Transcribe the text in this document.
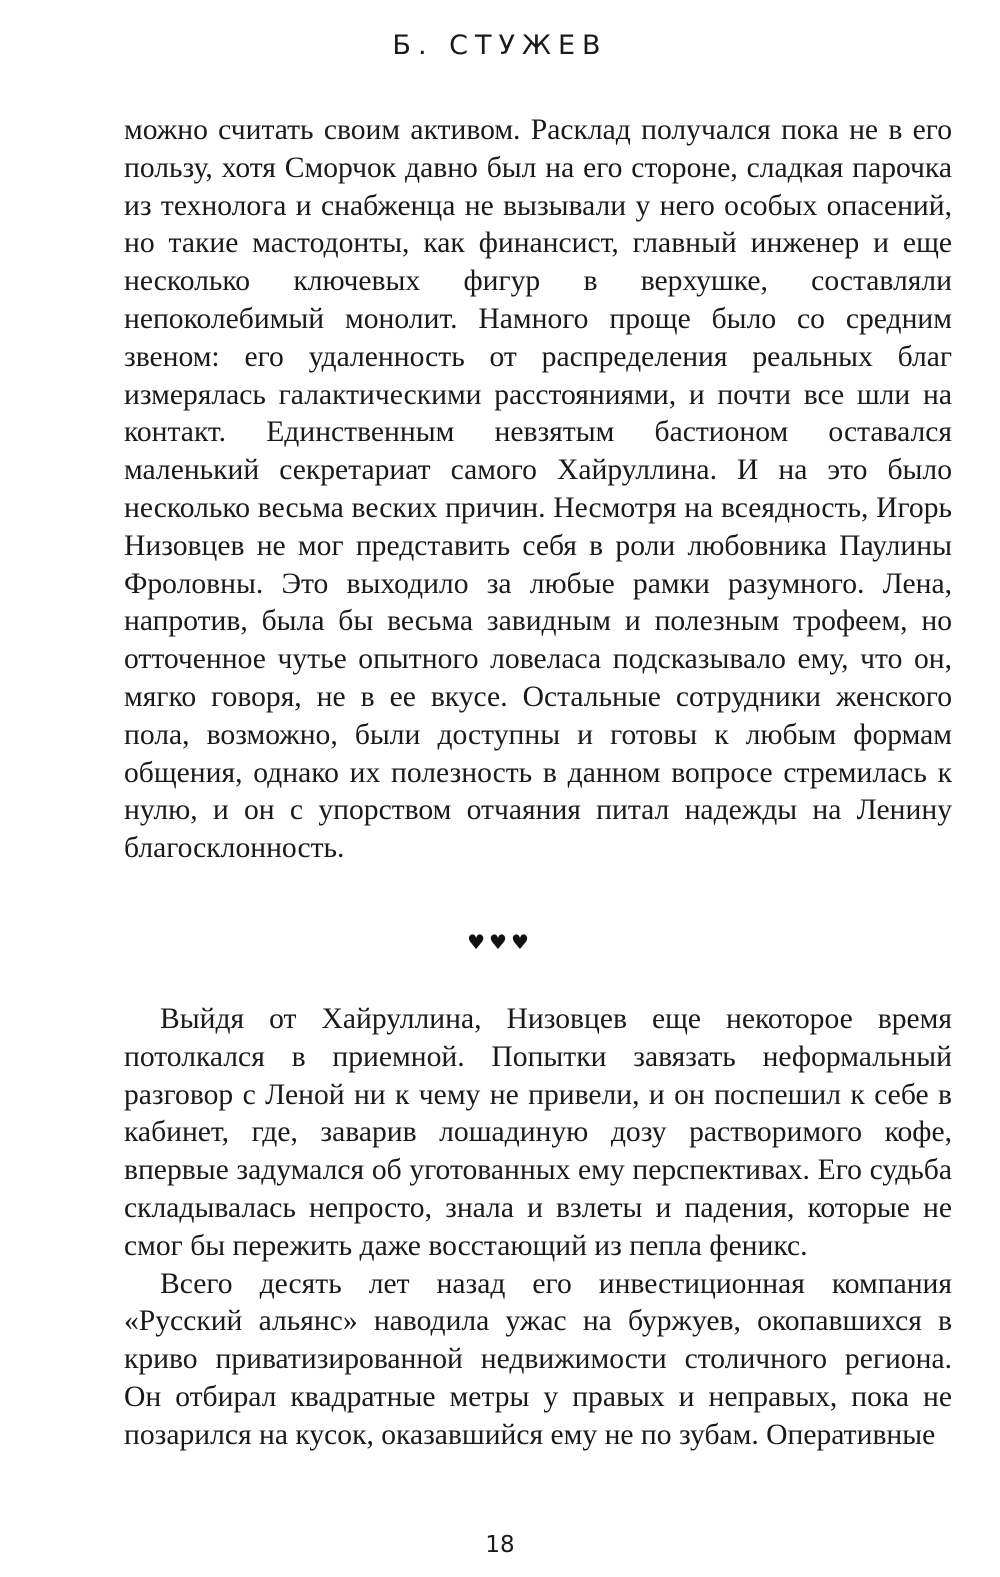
Б. СТУЖЕВ

можно считать своим активом. Расклад получался пока не в его пользу, хотя Сморчок давно был на его стороне, сладкая парочка из технолога и снабженца не вызывали у него особых опасений, но такие мастодонты, как финансист, главный инженер и еще несколько ключевых фигур в верхушке, составляли непоколебимый монолит. Намного проще было со средним звеном: его удаленность от распределения реальных благ измерялась галактическими расстояниями, и почти все шли на контакт. Единственным невзятым бастионом оставался маленький секретариат самого Хайруллина. И на это было несколько весьма веских причин. Несмотря на всеядность, Игорь Низовцев не мог представить себя в роли любовника Паулины Фроловны. Это выходило за любые рамки разумного. Лена, напротив, была бы весьма завидным и полезным трофеем, но отточенное чутье опытного ловеласа подсказывало ему, что он, мягко говоря, не в ее вкусе. Остальные сотрудники женского пола, возможно, были доступны и готовы к любым формам общения, однако их полезность в данном вопросе стремилась к нулю, и он с упорством отчаяния питал надежды на Ленину благосклонность.

♥♥♥

Выйдя от Хайруллина, Низовцев еще некоторое время потолкался в приемной. Попытки завязать неформальный разговор с Леной ни к чему не привели, и он поспешил к себе в кабинет, где, заварив лошадиную дозу растворимого кофе, впервые задумался об уготованных ему перспективах. Его судьба складывалась непросто, знала и взлеты и падения, которые не смог бы пережить даже восстающий из пепла феникс.

Всего десять лет назад его инвестиционная компания «Русский альянс» наводила ужас на буржуев, окопавшихся в криво приватизированной недвижимости столичного региона. Он отбирал квадратные метры у правых и неправых, пока не позарился на кусок, оказавшийся ему не по зубам. Оперативные

18
